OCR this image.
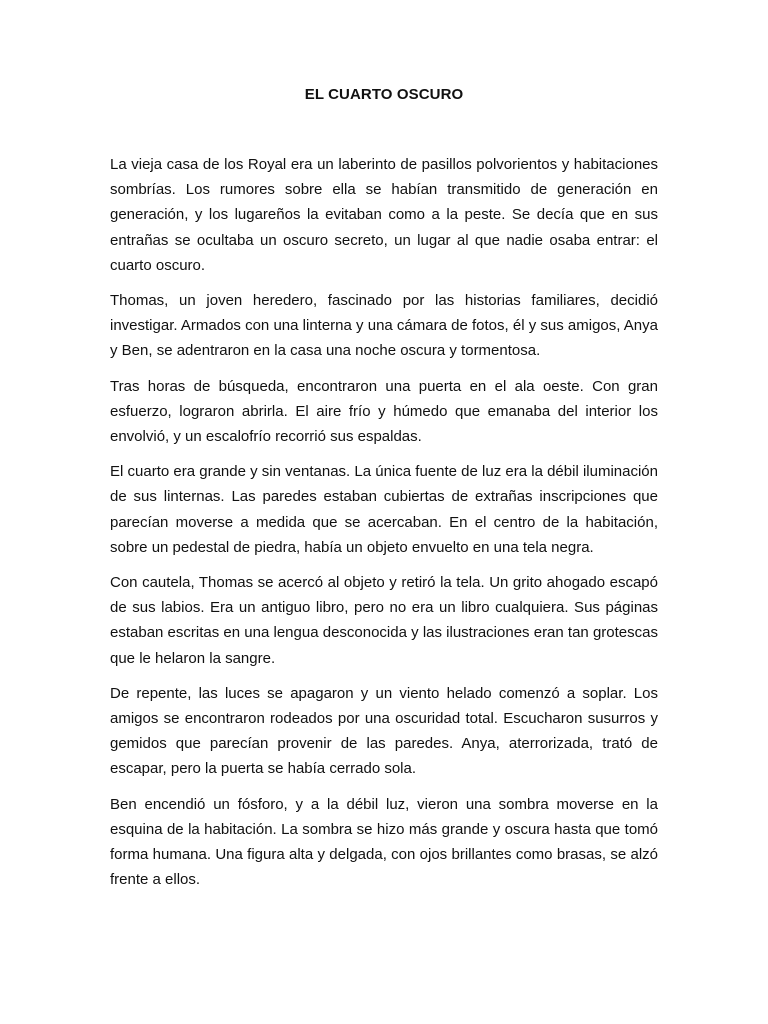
EL CUARTO OSCURO

La vieja casa de los Royal era un laberinto de pasillos polvorientos y habitaciones sombrías. Los rumores sobre ella se habían transmitido de generación en generación, y los lugareños la evitaban como a la peste. Se decía que en sus entrañas se ocultaba un oscuro secreto, un lugar al que nadie osaba entrar: el cuarto oscuro.

Thomas, un joven heredero, fascinado por las historias familiares, decidió investigar. Armados con una linterna y una cámara de fotos, él y sus amigos, Anya y Ben, se adentraron en la casa una noche oscura y tormentosa.

Tras horas de búsqueda, encontraron una puerta en el ala oeste. Con gran esfuerzo, lograron abrirla. El aire frío y húmedo que emanaba del interior los envolvió, y un escalofrío recorrió sus espaldas.

El cuarto era grande y sin ventanas. La única fuente de luz era la débil iluminación de sus linternas. Las paredes estaban cubiertas de extrañas inscripciones que parecían moverse a medida que se acercaban. En el centro de la habitación, sobre un pedestal de piedra, había un objeto envuelto en una tela negra.

Con cautela, Thomas se acercó al objeto y retiró la tela. Un grito ahogado escapó de sus labios. Era un antiguo libro, pero no era un libro cualquiera. Sus páginas estaban escritas en una lengua desconocida y las ilustraciones eran tan grotescas que le helaron la sangre.

De repente, las luces se apagaron y un viento helado comenzó a soplar. Los amigos se encontraron rodeados por una oscuridad total. Escucharon susurros y gemidos que parecían provenir de las paredes. Anya, aterrorizada, trató de escapar, pero la puerta se había cerrado sola.

Ben encendió un fósforo, y a la débil luz, vieron una sombra moverse en la esquina de la habitación. La sombra se hizo más grande y oscura hasta que tomó forma humana. Una figura alta y delgada, con ojos brillantes como brasas, se alzó frente a ellos.
